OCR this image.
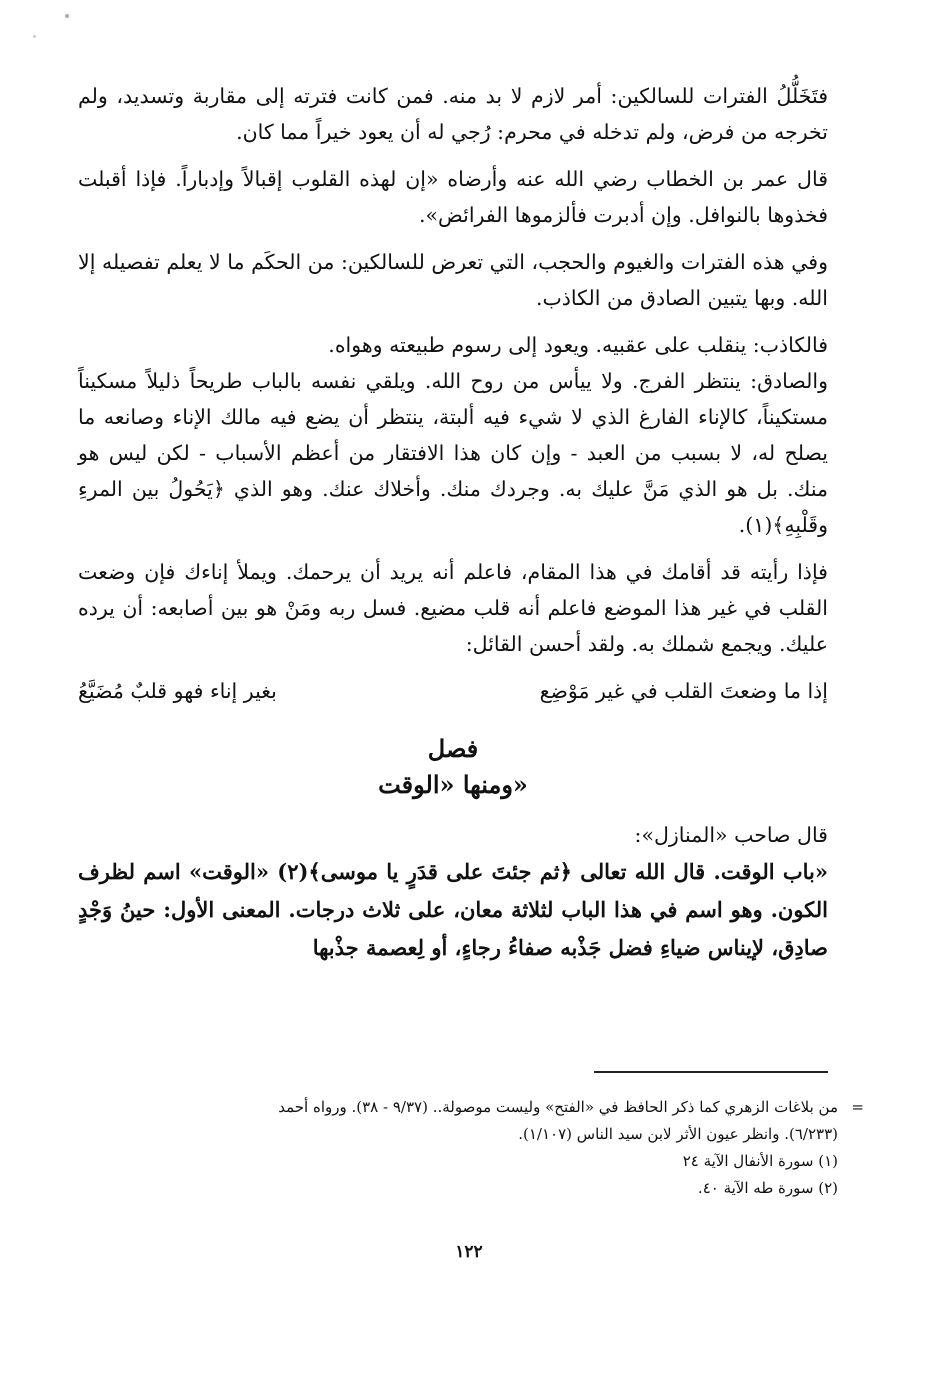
فتَخَلُّلُ الفترات للسالكين: أمر لازم لا بد منه. فمن كانت فترته إلى مقاربة وتسديد، ولم تخرجه من فرض، ولم تدخله في محرم: رُجي له أن يعود خيراً مما كان.

قال عمر بن الخطاب رضي الله عنه وأرضاه «إن لهذه القلوب إقبالاً وإدباراً. فإذا أقبلت فخذوها بالنوافل. وإن أدبرت فألزموها الفرائض».

وفي هذه الفترات والغيوم والحجب، التي تعرض للسالكين: من الحكَم ما لا يعلم تفصيله إلا الله. وبها يتبين الصادق من الكاذب.

فالكاذب: ينقلب على عقبيه. ويعود إلى رسوم طبيعته وهواه.

والصادق: ينتظر الفرج. ولا ييأس من روح الله. ويلقي نفسه بالباب طريحاً ذليلاً مسكيناً مستكيناً، كالإناء الفارغ الذي لا شيء فيه ألبتة، ينتظر أن يضع فيه مالك الإناء وصانعه ما يصلح له، لا بسبب من العبد - وإن كان هذا الافتقار من أعظم الأسباب - لكن ليس هو منك. بل هو الذي مَنَّ عليك به. وجردك منك. وأخلاك عنك. وهو الذي ﴿يَحُولُ بين المرءِ وقَلْبِهِ﴾(١).

فإذا رأيته قد أقامك في هذا المقام، فاعلم أنه يريد أن يرحمك. ويملأ إناءك فإن وضعت القلب في غير هذا الموضع فاعلم أنه قلب مضيع. فسل ربه ومَنْ هو بين أصابعه: أن يرده عليك. ويجمع شملك به. ولقد أحسن القائل:

إذا ما وضعتَ القلب في غير مَوْضِع
بغير إناء فهو قلبٌ مُضَيَّعُ
فصل
ومنها «الوقت»

قال صاحب «المنازل»:

«باب الوقت. قال الله تعالى ﴿ثم جئتَ على قدَرٍ يا موسى﴾(٢) «الوقت» اسم لظرف الكون. وهو اسم في هذا الباب لثلاثة معان، على ثلاث درجات. المعنى الأول: حينُ وَجْدٍ صادِق، لإيناس ضياءِ فضل جَذْبه صفاءُ رجاءٍ، أو لِعصمة جذْبها

=
من بلاغات الزهري كما ذكر الحافظ في «الفتح» وليست موصولة.. (٩/٣٧ - ٣٨). ورواه أحمد
(٦/٢٣٣). وانظر عيون الأثر لابن سيد الناس (١/١٠٧).
(١) سورة الأنفال الآية ٢٤
(٢) سورة طه الآية ٤٠.
١٢٢
